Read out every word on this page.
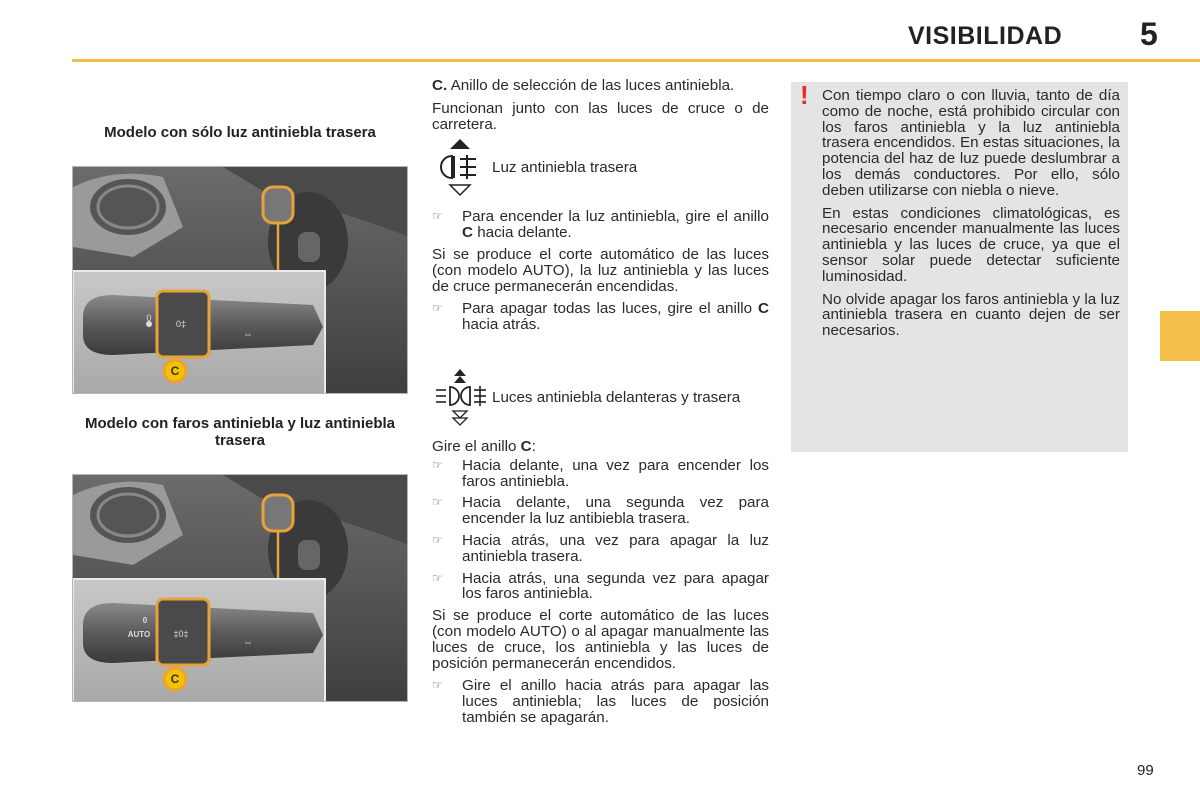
VISIBILIDAD 5
Modelo con sólo luz antiniebla trasera
0
0‡
⇔
C
Modelo con faros antiniebla y luz antiniebla trasera
0
AUTO	‡0‡
⇔
C

C. Anillo de selección de las luces antiniebla.

Funcionan junto con las luces de cruce o de carretera.

Luz antiniebla trasera
☞ Para encender la luz antiniebla, gire el anillo C hacia delante.

Si se produce el corte automático de las luces (con modelo AUTO), la luz antiniebla y las luces de cruce permanecerán encendidas.

☞ Para apagar todas las luces, gire el anillo C hacia atrás.
Luces antiniebla delanteras y trasera

Gire el anillo C:

☞ Hacia delante, una vez para encender los faros antiniebla.
☞ Hacia delante, una segunda vez para encender la luz antibiebla trasera.
☞ Hacia atrás, una vez para apagar la luz antiniebla trasera.
☞ Hacia atrás, una segunda vez para apagar los faros antiniebla.

Si se produce el corte automático de las luces (con modelo AUTO) o al apagar manualmente las luces de cruce, los antiniebla y las luces de posición permanecerán encendidos.

☞ Gire el anillo hacia atrás para apagar las luces antiniebla; las luces de posición también se apagarán.
! Con tiempo claro o con lluvia, tanto de día como de noche, está prohibido circular con los faros antiniebla y la luz antiniebla trasera encendidos. En estas situaciones, la potencia del haz de luz puede deslumbrar a los demás conductores. Por ello, sólo deben utilizarse con niebla o nieve.

En estas condiciones climatológicas, es necesario encender manualmente las luces antiniebla y las luces de cruce, ya que el sensor solar puede detectar suficiente luminosidad.

No olvide apagar los faros antiniebla y la luz antiniebla trasera en cuanto dejen de ser necesarios.

99
